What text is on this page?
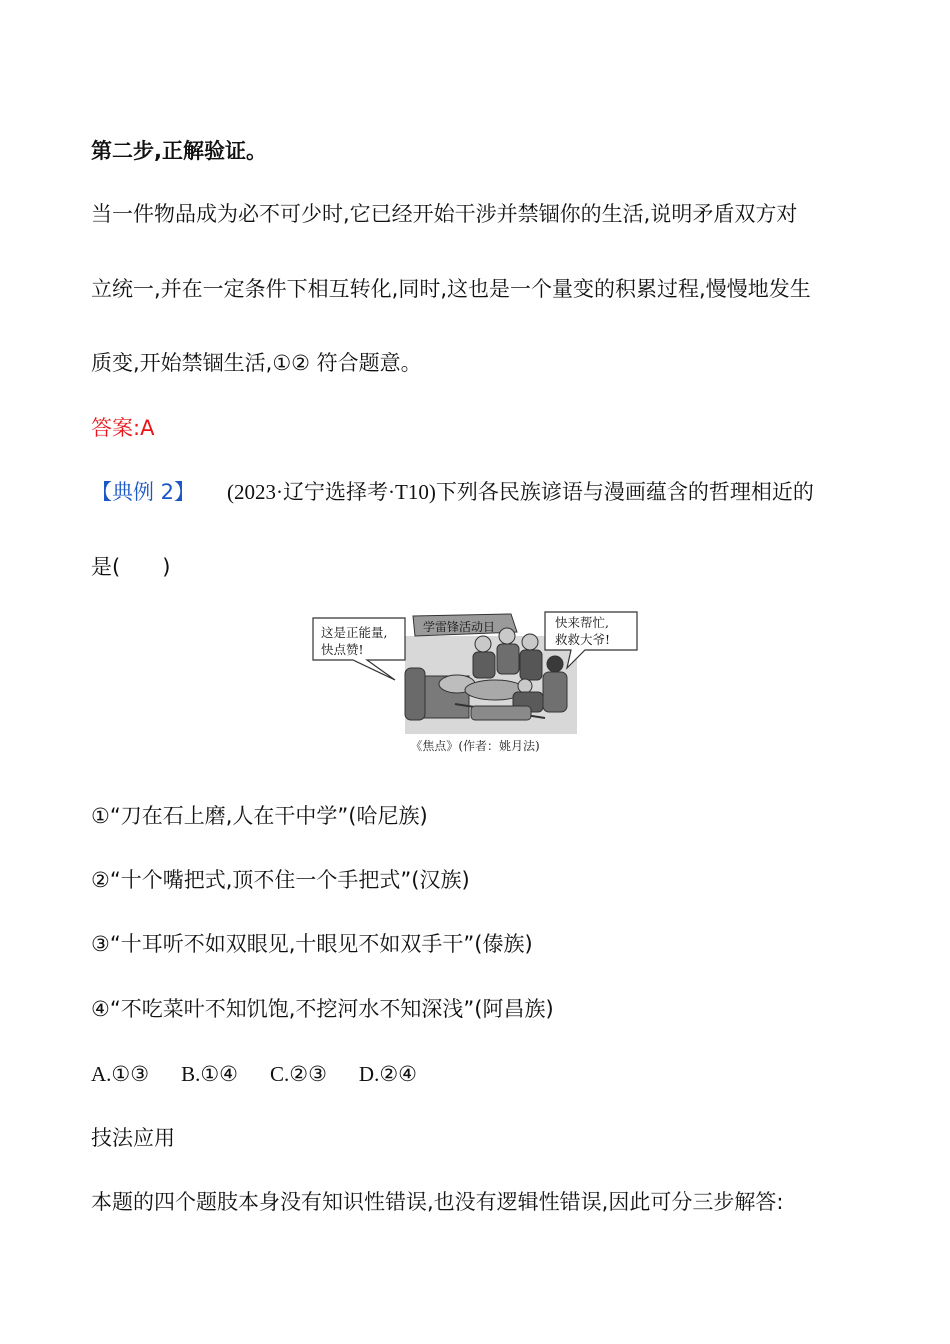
第二步,正解验证。
当一件物品成为必不可少时,它已经开始干涉并禁锢你的生活,说明矛盾双方对
立统一,并在一定条件下相互转化,同时,这也是一个量变的积累过程,慢慢地发生
质变,开始禁锢生活,①② 符合题意。
答案:A
【典例 2】 (2023·辽宁选择考·T10)下列各民族谚语与漫画蕴含的哲理相近的
是(　　)
这是正能量,
快点赞!
学雷锋活动日	快来帮忙,
救救大爷!
《焦点》(作者：姚月法)
①“刀在石上磨,人在干中学”(哈尼族)
②“十个嘴把式,顶不住一个手把式”(汉族)
③“十耳听不如双眼见,十眼见不如双手干”(傣族)
④“不吃菜叶不知饥饱,不挖河水不知深浅”(阿昌族)
A.①③ B.①④ C.②③ D.②④
技法应用
本题的四个题肢本身没有知识性错误,也没有逻辑性错误,因此可分三步解答:
